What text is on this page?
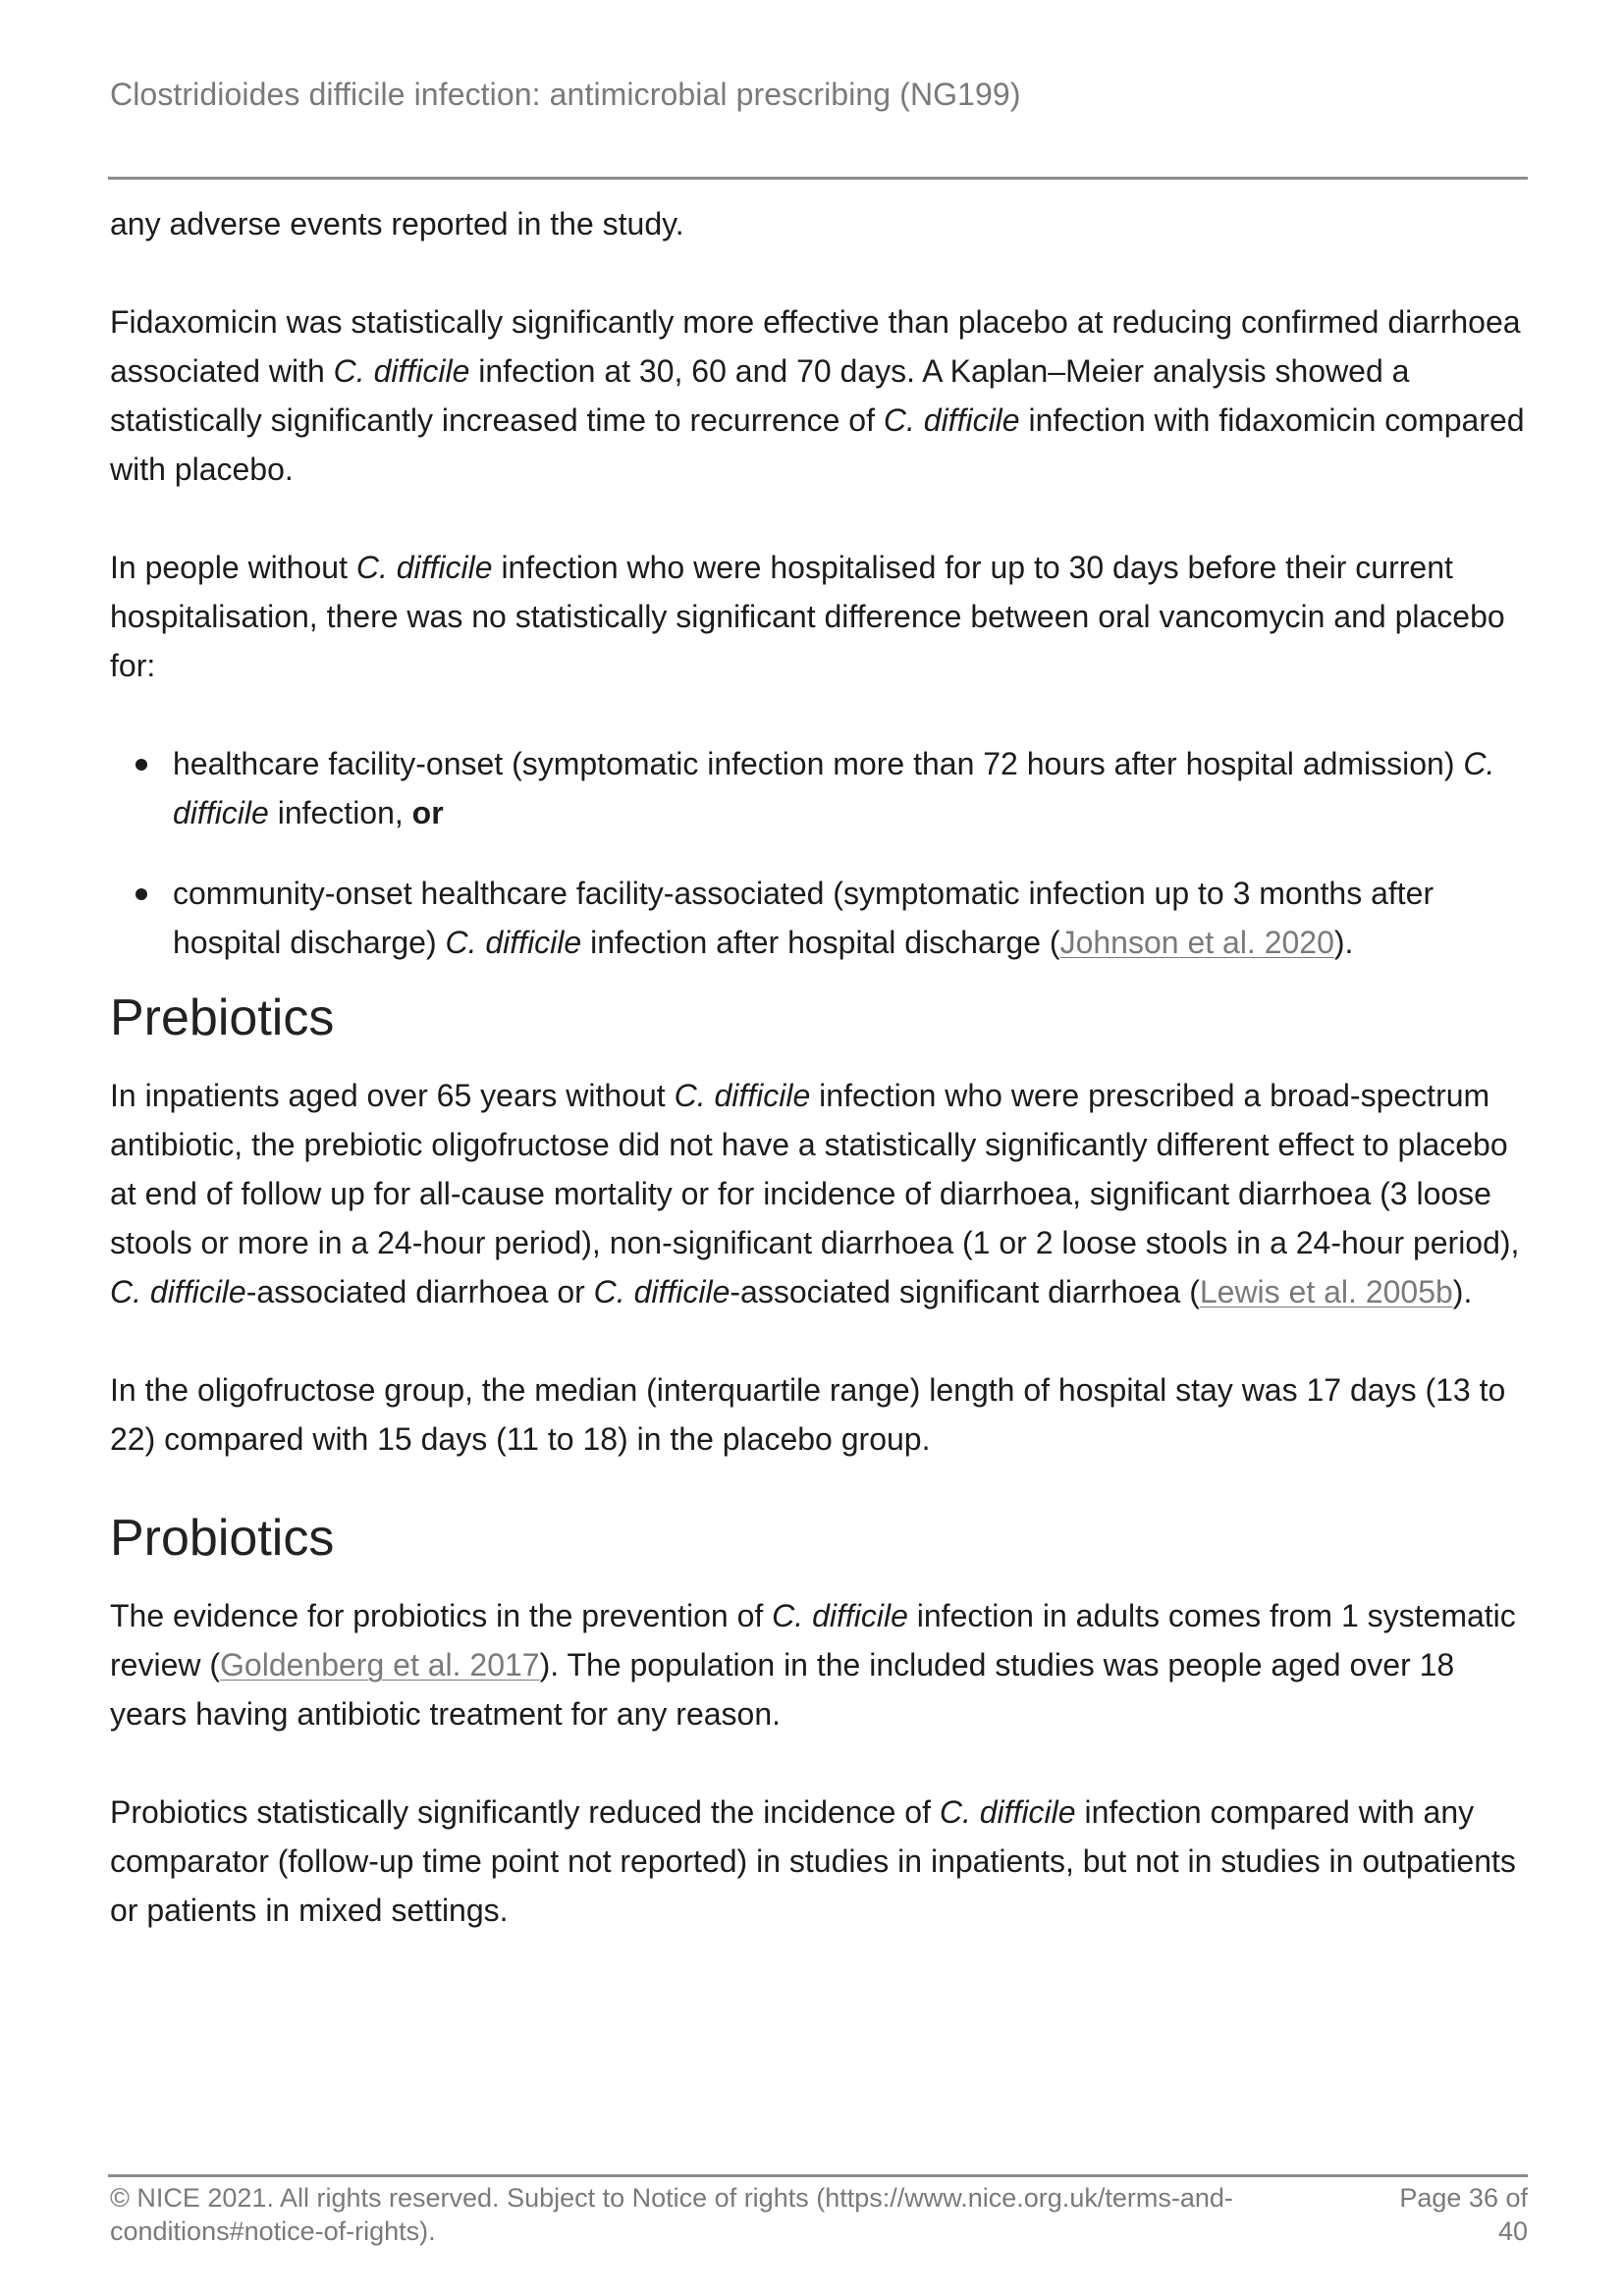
Clostridioides difficile infection: antimicrobial prescribing (NG199)

any adverse events reported in the study.

Fidaxomicin was statistically significantly more effective than placebo at reducing confirmed diarrhoea associated with C. difficile infection at 30, 60 and 70 days. A Kaplan–Meier analysis showed a statistically significantly increased time to recurrence of C. difficile infection with fidaxomicin compared with placebo.

In people without C. difficile infection who were hospitalised for up to 30 days before their current hospitalisation, there was no statistically significant difference between oral vancomycin and placebo for:

healthcare facility-onset (symptomatic infection more than 72 hours after hospital admission) C. difficile infection, or
community-onset healthcare facility-associated (symptomatic infection up to 3 months after hospital discharge) C. difficile infection after hospital discharge (Johnson et al. 2020).
Prebiotics

In inpatients aged over 65 years without C. difficile infection who were prescribed a broad-spectrum antibiotic, the prebiotic oligofructose did not have a statistically significantly different effect to placebo at end of follow up for all-cause mortality or for incidence of diarrhoea, significant diarrhoea (3 loose stools or more in a 24-hour period), non-significant diarrhoea (1 or 2 loose stools in a 24-hour period), C. difficile-associated diarrhoea or C. difficile-associated significant diarrhoea (Lewis et al. 2005b).

In the oligofructose group, the median (interquartile range) length of hospital stay was 17 days (13 to 22) compared with 15 days (11 to 18) in the placebo group.

Probiotics

The evidence for probiotics in the prevention of C. difficile infection in adults comes from 1 systematic review (Goldenberg et al. 2017). The population in the included studies was people aged over 18 years having antibiotic treatment for any reason.

Probiotics statistically significantly reduced the incidence of C. difficile infection compared with any comparator (follow-up time point not reported) in studies in inpatients, but not in studies in outpatients or patients in mixed settings.

© NICE 2021. All rights reserved. Subject to Notice of rights (https://www.nice.org.uk/terms-and-conditions#notice-of-rights).
Page 36 of 40
